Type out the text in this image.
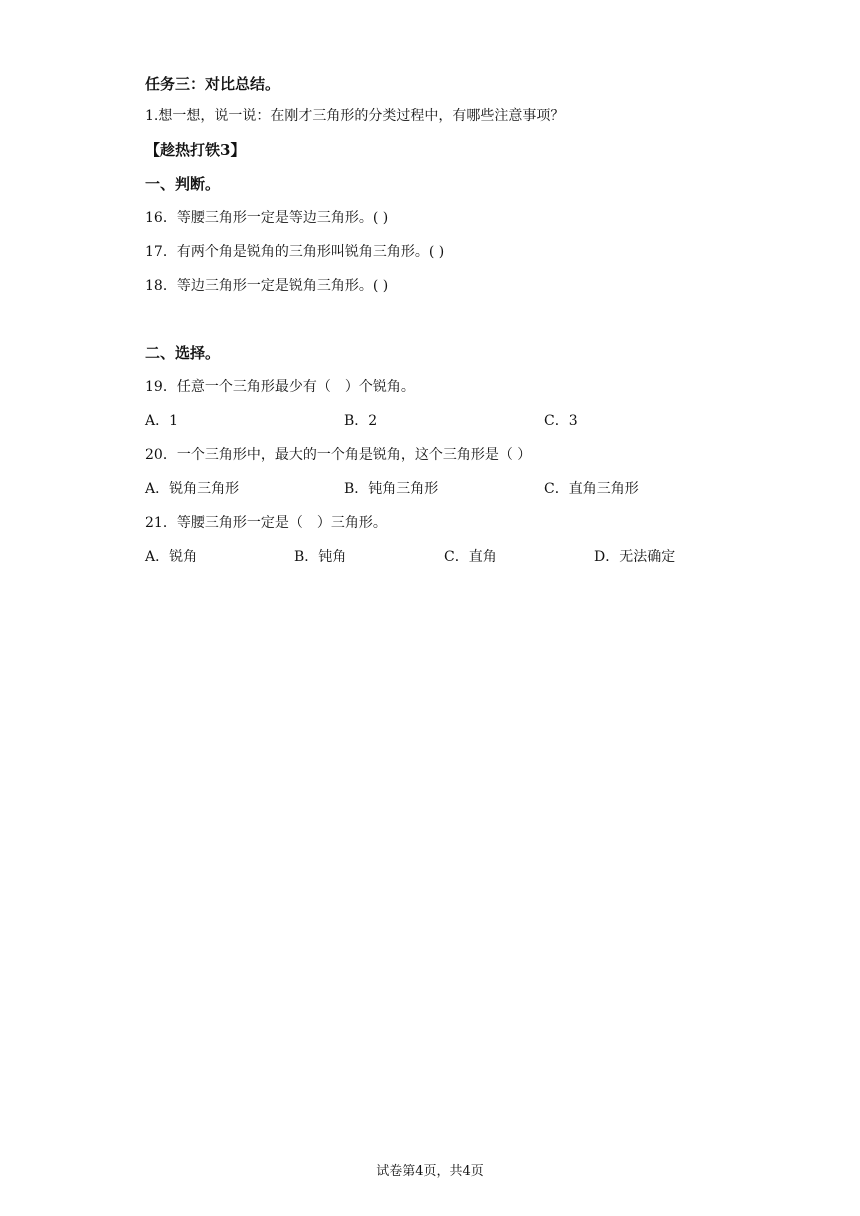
任务三：对比总结。
1.想一想，说一说：在刚才三角形的分类过程中，有哪些注意事项？
【趁热打铁3】
一、判断。
16．等腰三角形一定是等边三角形。( )
17．有两个角是锐角的三角形叫锐角三角形。( )
18．等边三角形一定是锐角三角形。( )
二、选择。
19．任意一个三角形最少有（　）个锐角。
A．1	B．2	C．3
20．一个三角形中，最大的一个角是锐角，这个三角形是（ ）
A．锐角三角形	B．钝角三角形	C．直角三角形
21．等腰三角形一定是（　）三角形。
A．锐角	B．钝角	C．直角	D．无法确定
试卷第4页，共4页
